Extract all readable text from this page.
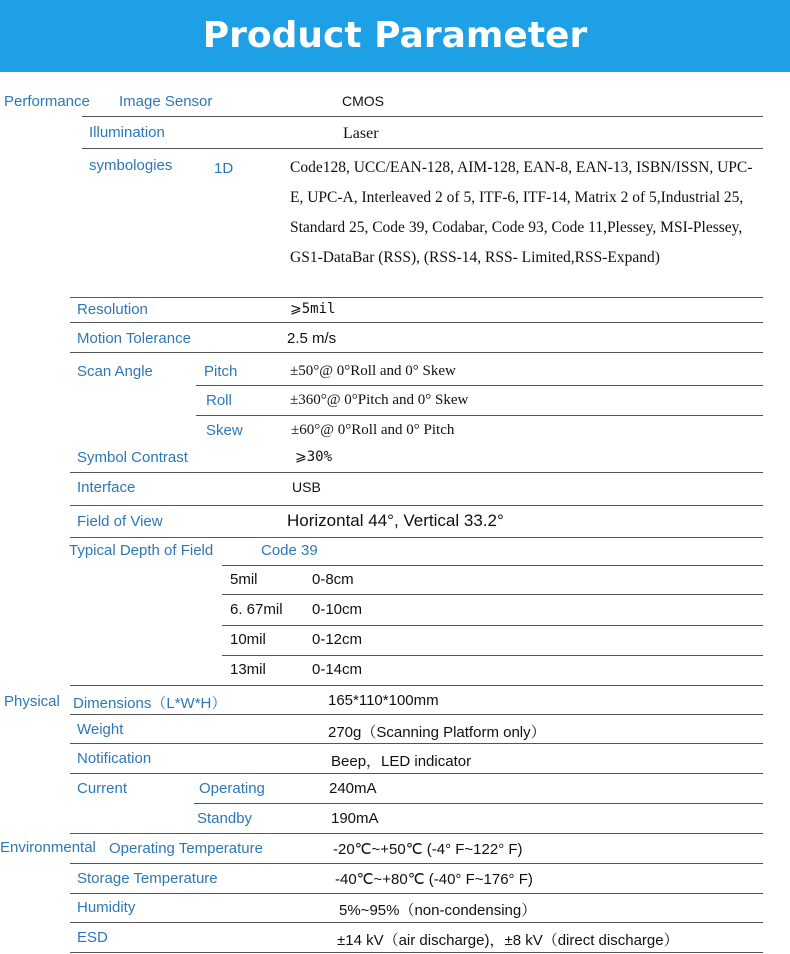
Product Parameter
Performance
Physical
Environmental
Image Sensor	CMOS
Illumination	Laser
symbologies	1D	Code128, UCC/EAN-128, AIM-128, EAN-8, EAN-13, ISBN/ISSN, UPC-E, UPC-A, Interleaved 2 of 5, ITF-6, ITF-14, Matrix 2 of 5,Industrial 25, Standard 25, Code 39, Codabar, Code 93, Code 11,Plessey, MSI-Plessey, GS1-DataBar (RSS), (RSS-14, RSS- Limited,RSS-Expand)
Resolution	⩾5mil
Motion Tolerance	2.5 m/s
Scan Angle	Pitch	±50°@ 0°Roll and 0° Skew
Roll	±360°@ 0°Pitch and 0° Skew
Skew	±60°@ 0°Roll and 0° Pitch
Symbol Contrast	⩾30%
Interface	USB
Field of View	Horizontal 44°, Vertical 33.2°
Typical Depth of Field	Code 39
5mil	0-8cm
6. 67mil 0-10cm
10mil	0-12cm
13mil	0-14cm
Dimensions（L*W*H）	165*110*100mm
Weight	270g（Scanning Platform only）
Notification	Beep，LED indicator
Current	Operating	240mA
Standby	190mA
Operating Temperature	-20℃~+50℃ (-4° F~122° F)
Storage Temperature	-40℃~+80℃ (-40° F~176° F)
Humidity	5%~95%（non-condensing）
ESD	±14 kV（air discharge)，±8 kV（direct discharge）
